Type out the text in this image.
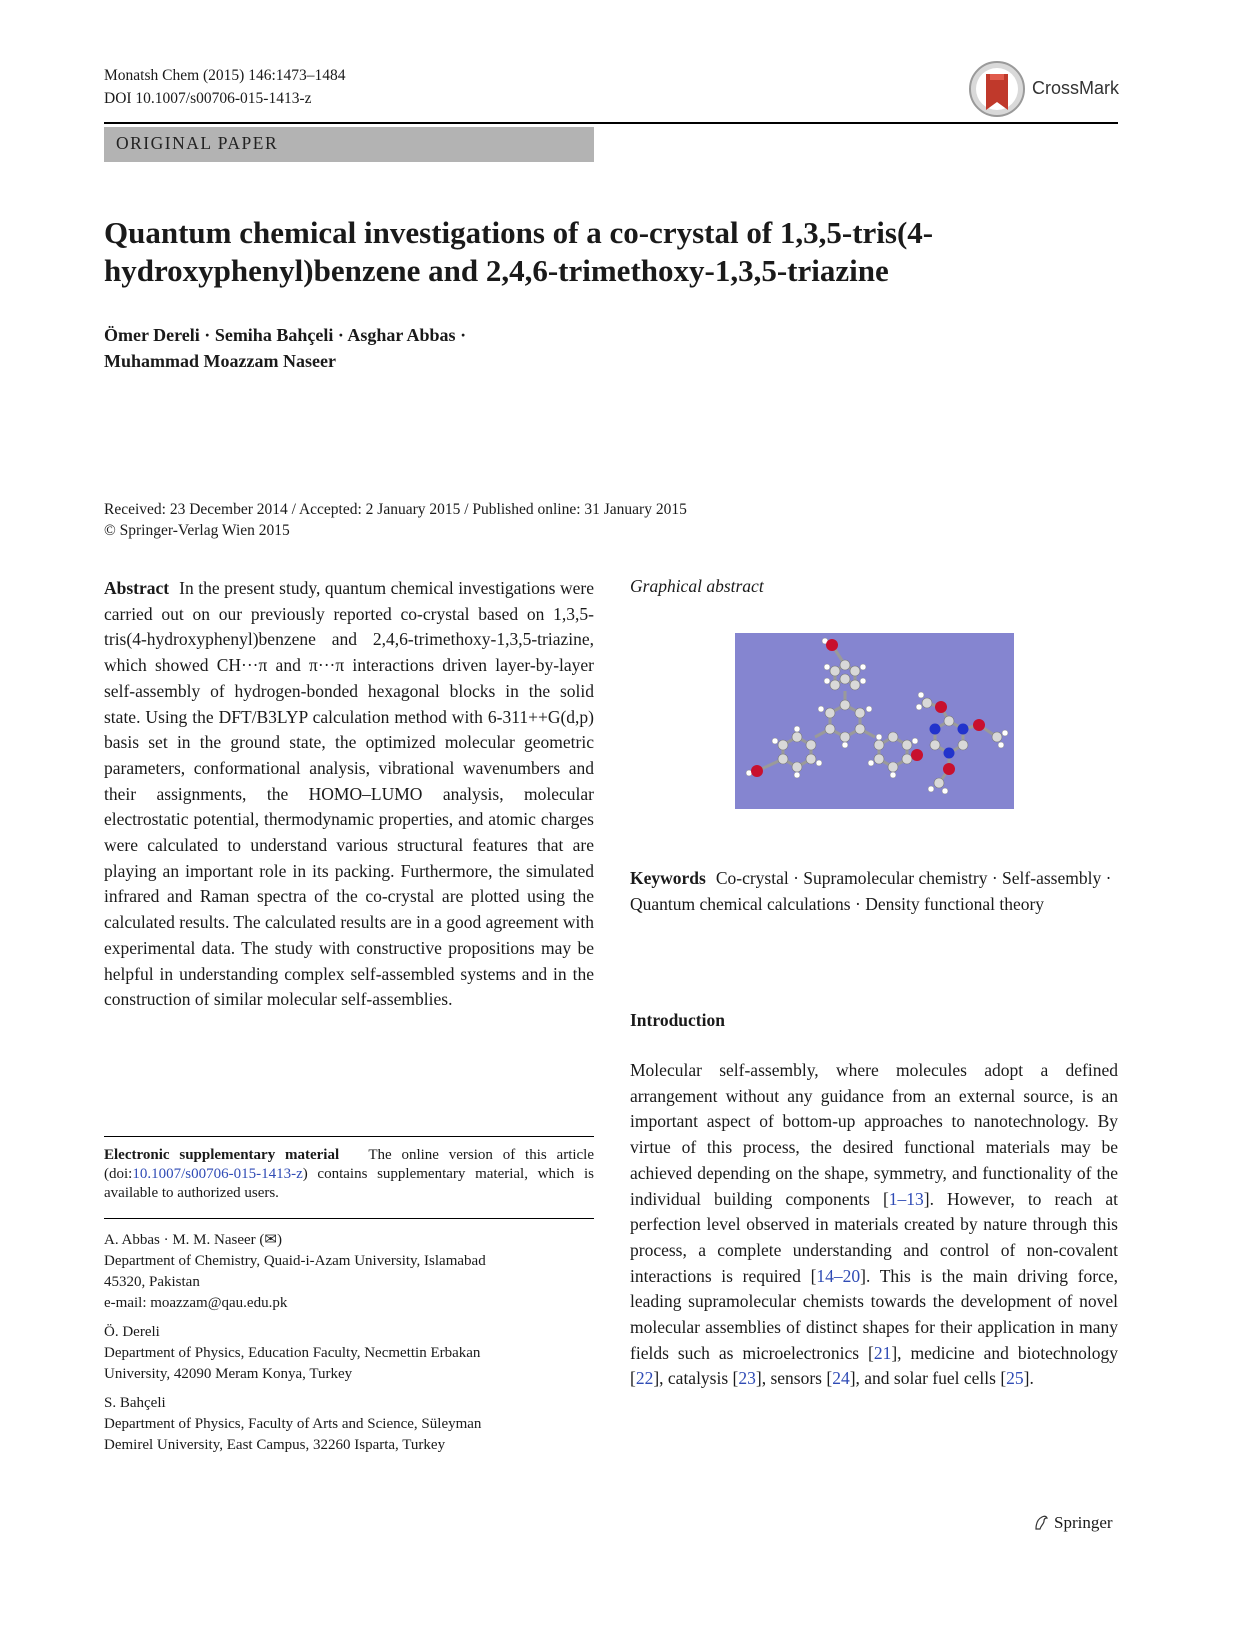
Monatsh Chem (2015) 146:1473–1484
DOI 10.1007/s00706-015-1413-z
CrossMark
ORIGINAL PAPER
Quantum chemical investigations of a co-crystal of 1,3,5-tris(4-hydroxyphenyl)benzene and 2,4,6-trimethoxy-1,3,5-triazine
Ömer Dereli · Semiha Bahçeli · Asghar Abbas ·
Muhammad Moazzam Naseer
Received: 23 December 2014 / Accepted: 2 January 2015 / Published online: 31 January 2015
© Springer-Verlag Wien 2015

Abstract In the present study, quantum chemical investigations were carried out on our previously reported co-crystal based on 1,3,5-tris(4-hydroxyphenyl)benzene and 2,4,6-trimethoxy-1,3,5-triazine, which showed CH···π and π···π interactions driven layer-by-layer self-assembly of hydrogen-bonded hexagonal blocks in the solid state. Using the DFT/B3LYP calculation method with 6-311++G(d,p) basis set in the ground state, the optimized molecular geometric parameters, conformational analysis, vibrational wavenumbers and their assignments, the HOMO–LUMO analysis, molecular electrostatic potential, thermodynamic properties, and atomic charges were calculated to understand various structural features that are playing an important role in its packing. Furthermore, the simulated infrared and Raman spectra of the co-crystal are plotted using the calculated results. The calculated results are in a good agreement with experimental data. The study with constructive propositions may be helpful in understanding complex self-assembled systems and in the construction of similar molecular self-assemblies.

Electronic supplementary material The online version of this article (doi:10.1007/s00706-015-1413-z) contains supplementary material, which is available to authorized users.
A. Abbas · M. M. Naseer (✉)
Department of Chemistry, Quaid-i-Azam University, Islamabad
45320, Pakistan
e-mail: moazzam@qau.edu.pk
Ö. Dereli
Department of Physics, Education Faculty, Necmettin Erbakan
University, 42090 Meram Konya, Turkey
S. Bahçeli
Department of Physics, Faculty of Arts and Science, Süleyman
Demirel University, East Campus, 32260 Isparta, Turkey
Graphical abstract
Keywords Co-crystal · Supramolecular chemistry · Self-assembly · Quantum chemical calculations · Density functional theory
Introduction

Molecular self-assembly, where molecules adopt a defined arrangement without any guidance from an external source, is an important aspect of bottom-up approaches to nanotechnology. By virtue of this process, the desired functional materials may be achieved depending on the shape, symmetry, and functionality of the individual building components [1–13]. However, to reach at perfection level observed in materials created by nature through this process, a complete understanding and control of non-covalent interactions is required [14–20]. This is the main driving force, leading supramolecular chemists towards the development of novel molecular assemblies of distinct shapes for their application in many fields such as microelectronics [21], medicine and biotechnology [22], catalysis [23], sensors [24], and solar fuel cells [25].

Springer
